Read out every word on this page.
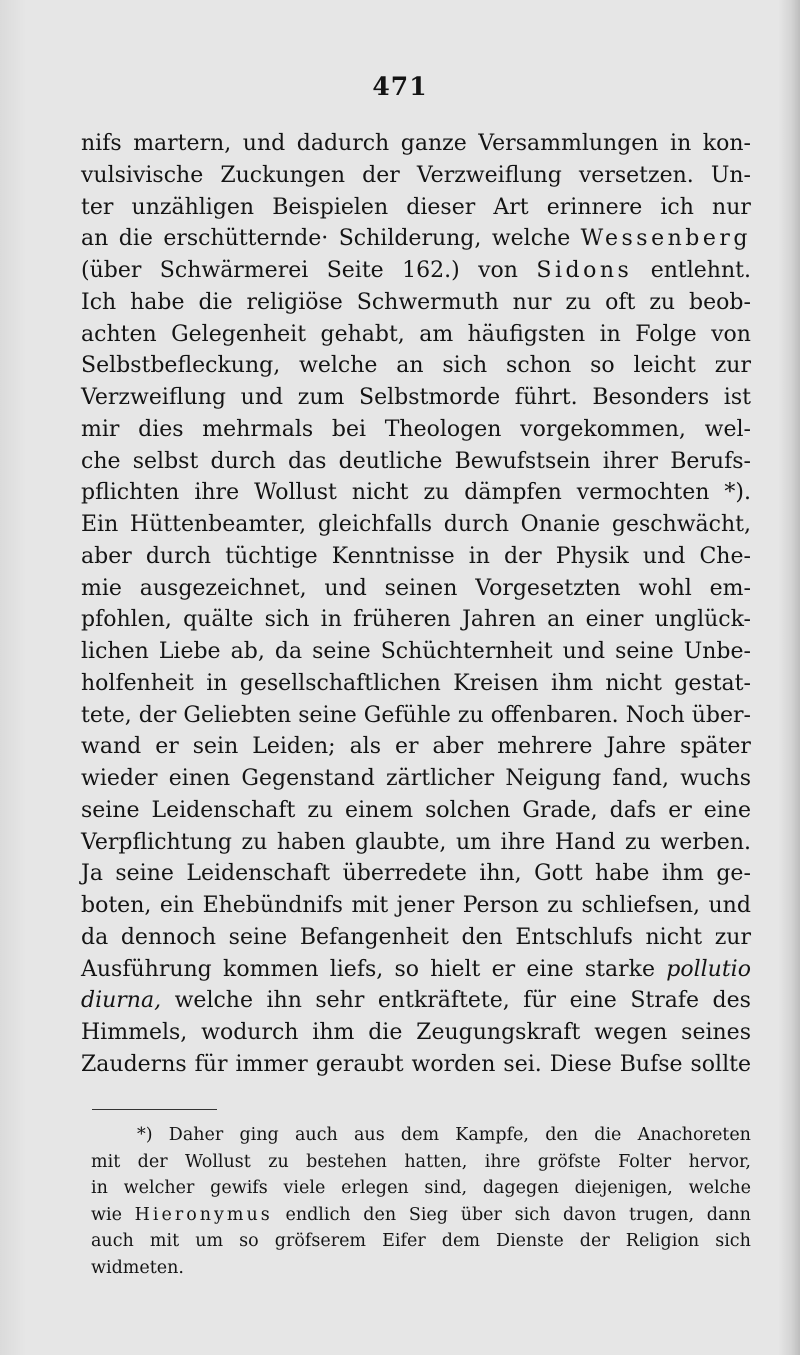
471
nifs martern, und dadurch ganze Versammlungen in kon-
vulsivische Zuckungen der Verzweiflung versetzen. Un-
ter unzähligen Beispielen dieser Art erinnere ich nur
an die erschütternde· Schilderung, welche Wessenberg
(über Schwärmerei Seite 162.) von Sidons entlehnt.
Ich habe die religiöse Schwermuth nur zu oft zu beob-
achten Gelegenheit gehabt, am häufigsten in Folge von
Selbstbefleckung, welche an sich schon so leicht zur
Verzweiflung und zum Selbstmorde führt. Besonders ist
mir dies mehrmals bei Theologen vorgekommen, wel-
che selbst durch das deutliche Bewufstsein ihrer Berufs-
pflichten ihre Wollust nicht zu dämpfen vermochten *).
Ein Hüttenbeamter, gleichfalls durch Onanie geschwächt,
aber durch tüchtige Kenntnisse in der Physik und Che-
mie ausgezeichnet, und seinen Vorgesetzten wohl em-
pfohlen, quälte sich in früheren Jahren an einer unglück-
lichen Liebe ab, da seine Schüchternheit und seine Unbe-
holfenheit in gesellschaftlichen Kreisen ihm nicht gestat-
tete, der Geliebten seine Gefühle zu offenbaren. Noch über-
wand er sein Leiden; als er aber mehrere Jahre später
wieder einen Gegenstand zärtlicher Neigung fand, wuchs
seine Leidenschaft zu einem solchen Grade, dafs er eine
Verpflichtung zu haben glaubte, um ihre Hand zu werben.
Ja seine Leidenschaft überredete ihn, Gott habe ihm ge-
boten, ein Ehebündnifs mit jener Person zu schliefsen, und
da dennoch seine Befangenheit den Entschlufs nicht zur
Ausführung kommen liefs, so hielt er eine starke pollutio
diurna, welche ihn sehr entkräftete, für eine Strafe des
Himmels, wodurch ihm die Zeugungskraft wegen seines
Zauderns für immer geraubt worden sei. Diese Bufse sollte
*) Daher ging auch aus dem Kampfe, den die Anachoreten
mit der Wollust zu bestehen hatten, ihre gröfste Folter hervor,
in welcher gewifs viele erlegen sind, dagegen diejenigen, welche
wie Hieronymus endlich den Sieg über sich davon trugen, dann
auch mit um so gröfserem Eifer dem Dienste der Religion sich
widmeten.
